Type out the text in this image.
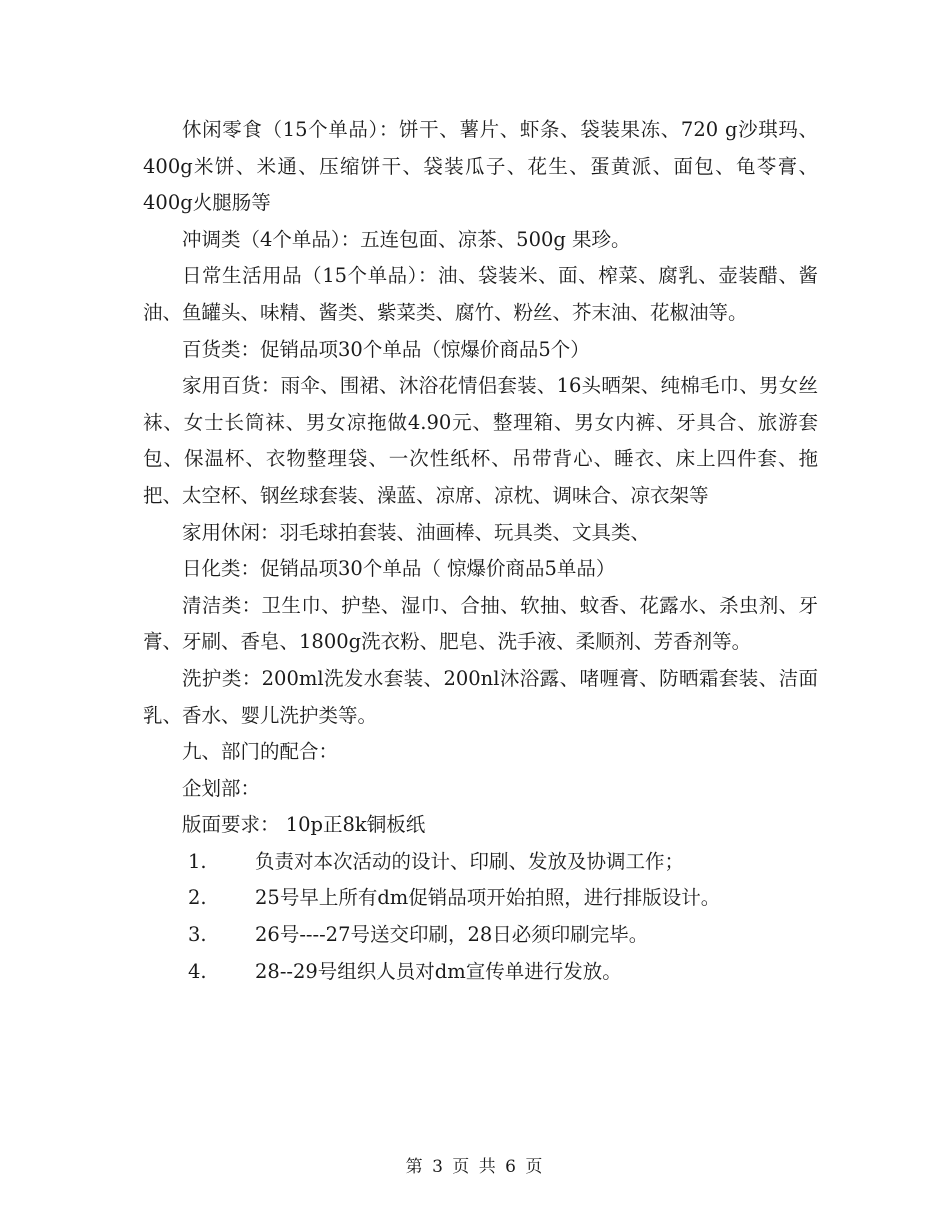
休闲零食（15个单品）：饼干、薯片、虾条、袋装果冻、720 g沙琪玛、400g米饼、米通、压缩饼干、袋装瓜子、花生、蛋黄派、面包、龟苓膏、400g火腿肠等

冲调类（4个单品）：五连包面、凉茶、500g 果珍。

日常生活用品（15个单品）：油、袋装米、面、榨菜、腐乳、壶装醋、酱油、鱼罐头、味精、酱类、紫菜类、腐竹、粉丝、芥末油、花椒油等。

百货类：促销品项30个单品（惊爆价商品5个）

家用百货：雨伞、围裙、沐浴花情侣套装、16头晒架、纯棉毛巾、男女丝袜、女士长筒袜、男女凉拖做4.90元、整理箱、男女内裤、牙具合、旅游套包、保温杯、衣物整理袋、一次性纸杯、吊带背心、睡衣、床上四件套、拖把、太空杯、钢丝球套装、澡蓝、凉席、凉枕、调味合、凉衣架等

家用休闲：羽毛球拍套装、油画棒、玩具类、文具类、

日化类：促销品项30个单品（ 惊爆价商品5单品）

清洁类：卫生巾、护垫、湿巾、合抽、软抽、蚊香、花露水、杀虫剂、牙膏、牙刷、香皂、1800g洗衣粉、肥皂、洗手液、柔顺剂、芳香剂等。

洗护类：200ml洗发水套装、200nl沐浴露、啫喱膏、防晒霜套装、洁面乳、香水、婴儿洗护类等。

九、部门的配合：

企划部：

版面要求： 10p正8k铜板纸

1.	负责对本次活动的设计、印刷、发放及协调工作；
2.	25号早上所有dm促销品项开始拍照，进行排版设计。
3.	26号----27号送交印刷，28日必须印刷完毕。
4.	28--29号组织人员对dm宣传单进行发放。
第 3 页 共 6 页
